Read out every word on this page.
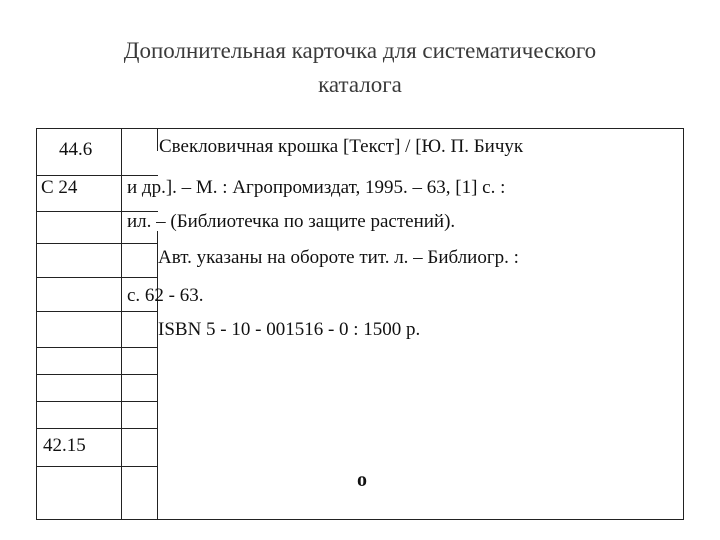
Дополнительная карточка для систематического
каталога
44.6
С 24
42.15
Свекловичная крошка [Текст] / [Ю. П. Бичук
и др.]. – М. : Агропромиздат, 1995. – 63, [1] с. :
ил. – (Библиотечка по защите растений).
Авт. указаны на обороте тит. л. – Библиогр. :
с. 62 - 63.
ISBN 5 - 10 - 001516 - 0 : 1500 р.
о
